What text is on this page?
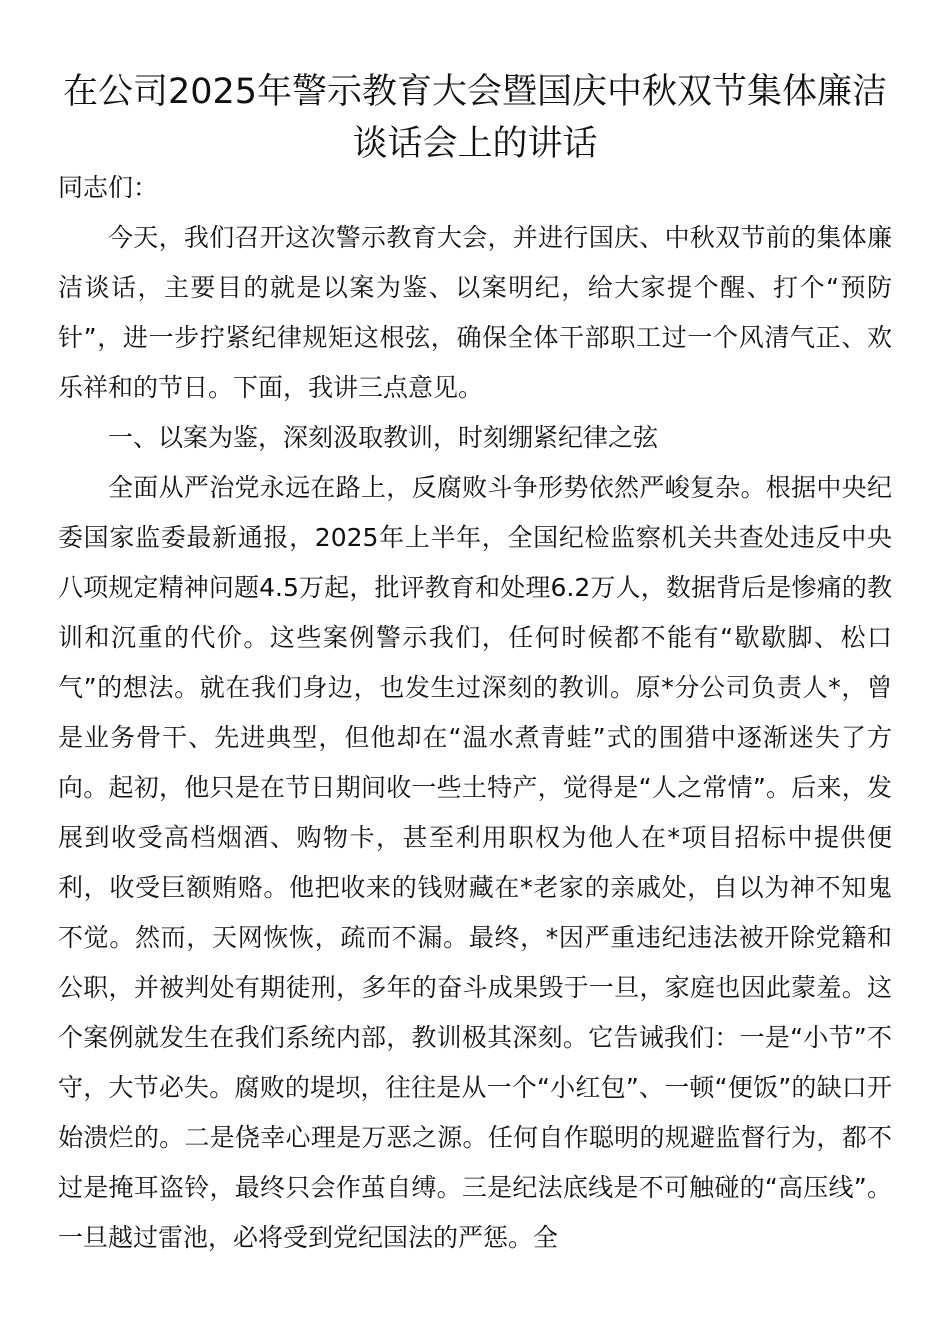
在公司2025年警示教育大会暨国庆中秋双节集体廉洁谈话会上的讲话

同志们：

今天，我们召开这次警示教育大会，并进行国庆、中秋双节前的集体廉洁谈话，主要目的就是以案为鉴、以案明纪，给大家提个醒、打个“预防针”，进一步拧紧纪律规矩这根弦，确保全体干部职工过一个风清气正、欢乐祥和的节日。下面，我讲三点意见。

一、以案为鉴，深刻汲取教训，时刻绷紧纪律之弦

全面从严治党永远在路上，反腐败斗争形势依然严峻复杂。根据中央纪委国家监委最新通报，2025年上半年，全国纪检监察机关共查处违反中央八项规定精神问题4.5万起，批评教育和处理6.2万人，数据背后是惨痛的教训和沉重的代价。这些案例警示我们，任何时候都不能有“歇歇脚、松口气”的想法。就在我们身边，也发生过深刻的教训。原*分公司负责人*，曾是业务骨干、先进典型，但他却在“温水煮青蛙”式的围猎中逐渐迷失了方向。起初，他只是在节日期间收一些土特产，觉得是“人之常情”。后来，发展到收受高档烟酒、购物卡，甚至利用职权为他人在*项目招标中提供便利，收受巨额贿赂。他把收来的钱财藏在*老家的亲戚处，自以为神不知鬼不觉。然而，天网恢恢，疏而不漏。最终，*因严重违纪违法被开除党籍和公职，并被判处有期徒刑，多年的奋斗成果毁于一旦，家庭也因此蒙羞。这个案例就发生在我们系统内部，教训极其深刻。它告诫我们：一是“小节”不守，大节必失。腐败的堤坝，往往是从一个“小红包”、一顿“便饭”的缺口开始溃烂的。二是侥幸心理是万恶之源。任何自作聪明的规避监督行为，都不过是掩耳盗铃，最终只会作茧自缚。三是纪法底线是不可触碰的“高压线”。一旦越过雷池，必将受到党纪国法的严惩。全
